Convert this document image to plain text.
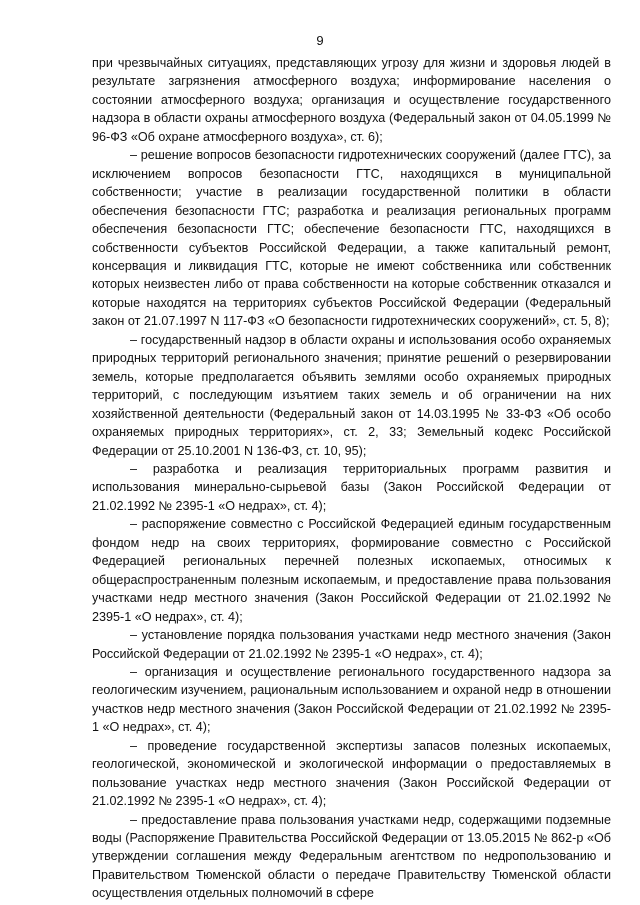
9

при чрезвычайных ситуациях, представляющих угрозу для жизни и здоровья людей в результате загрязнения атмосферного воздуха; информирование населения о состоянии атмосферного воздуха; организация и осуществление государственного надзора в области охраны атмосферного воздуха (Федеральный закон от 04.05.1999 № 96-ФЗ «Об охране атмосферного воздуха», ст. 6);

– решение вопросов безопасности гидротехнических сооружений (далее ГТС), за исключением вопросов безопасности ГТС, находящихся в муниципальной собственности; участие в реализации государственной политики в области обеспечения безопасности ГТС; разработка и реализация региональных программ обеспечения безопасности ГТС; обеспечение безопасности ГТС, находящихся в собственности субъектов Российской Федерации, а также капитальный ремонт, консервация и ликвидация ГТС, которые не имеют собственника или собственник которых неизвестен либо от права собственности на которые собственник отказался и которые находятся на территориях субъектов Российской Федерации (Федеральный закон от 21.07.1997 N 117-ФЗ «О безопасности гидротехнических сооружений», ст. 5, 8);

– государственный надзор в области охраны и использования особо охраняемых природных территорий регионального значения; принятие решений о резервировании земель, которые предполагается объявить землями особо охраняемых природных территорий, с последующим изъятием таких земель и об ограничении на них хозяйственной деятельности (Федеральный закон от 14.03.1995 № 33-ФЗ «Об особо охраняемых природных территориях», ст. 2, 33; Земельный кодекс Российской Федерации от 25.10.2001 N 136-ФЗ, ст. 10, 95);

– разработка и реализация территориальных программ развития и использования минерально-сырьевой базы (Закон Российской Федерации от 21.02.1992 № 2395-1 «О недрах», ст. 4);

– распоряжение совместно с Российской Федерацией единым государственным фондом недр на своих территориях, формирование совместно с Российской Федерацией региональных перечней полезных ископаемых, относимых к общераспространенным полезным ископаемым, и предоставление права пользования участками недр местного значения (Закон Российской Федерации от 21.02.1992 № 2395-1 «О недрах», ст. 4);

– установление порядка пользования участками недр местного значения (Закон Российской Федерации от 21.02.1992 № 2395-1 «О недрах», ст. 4);

– организация и осуществление регионального государственного надзора за геологическим изучением, рациональным использованием и охраной недр в отношении участков недр местного значения (Закон Российской Федерации от 21.02.1992 № 2395-1 «О недрах», ст. 4);

– проведение государственной экспертизы запасов полезных ископаемых, геологической, экономической и экологической информации о предоставляемых в пользование участках недр местного значения (Закон Российской Федерации от 21.02.1992 № 2395-1 «О недрах», ст. 4);

– предоставление права пользования участками недр, содержащими подземные воды (Распоряжение Правительства Российской Федерации от 13.05.2015 № 862-р «Об утверждении соглашения между Федеральным агентством по недропользованию и Правительством Тюменской области о передаче Правительству Тюменской области осуществления отдельных полномочий в сфере
